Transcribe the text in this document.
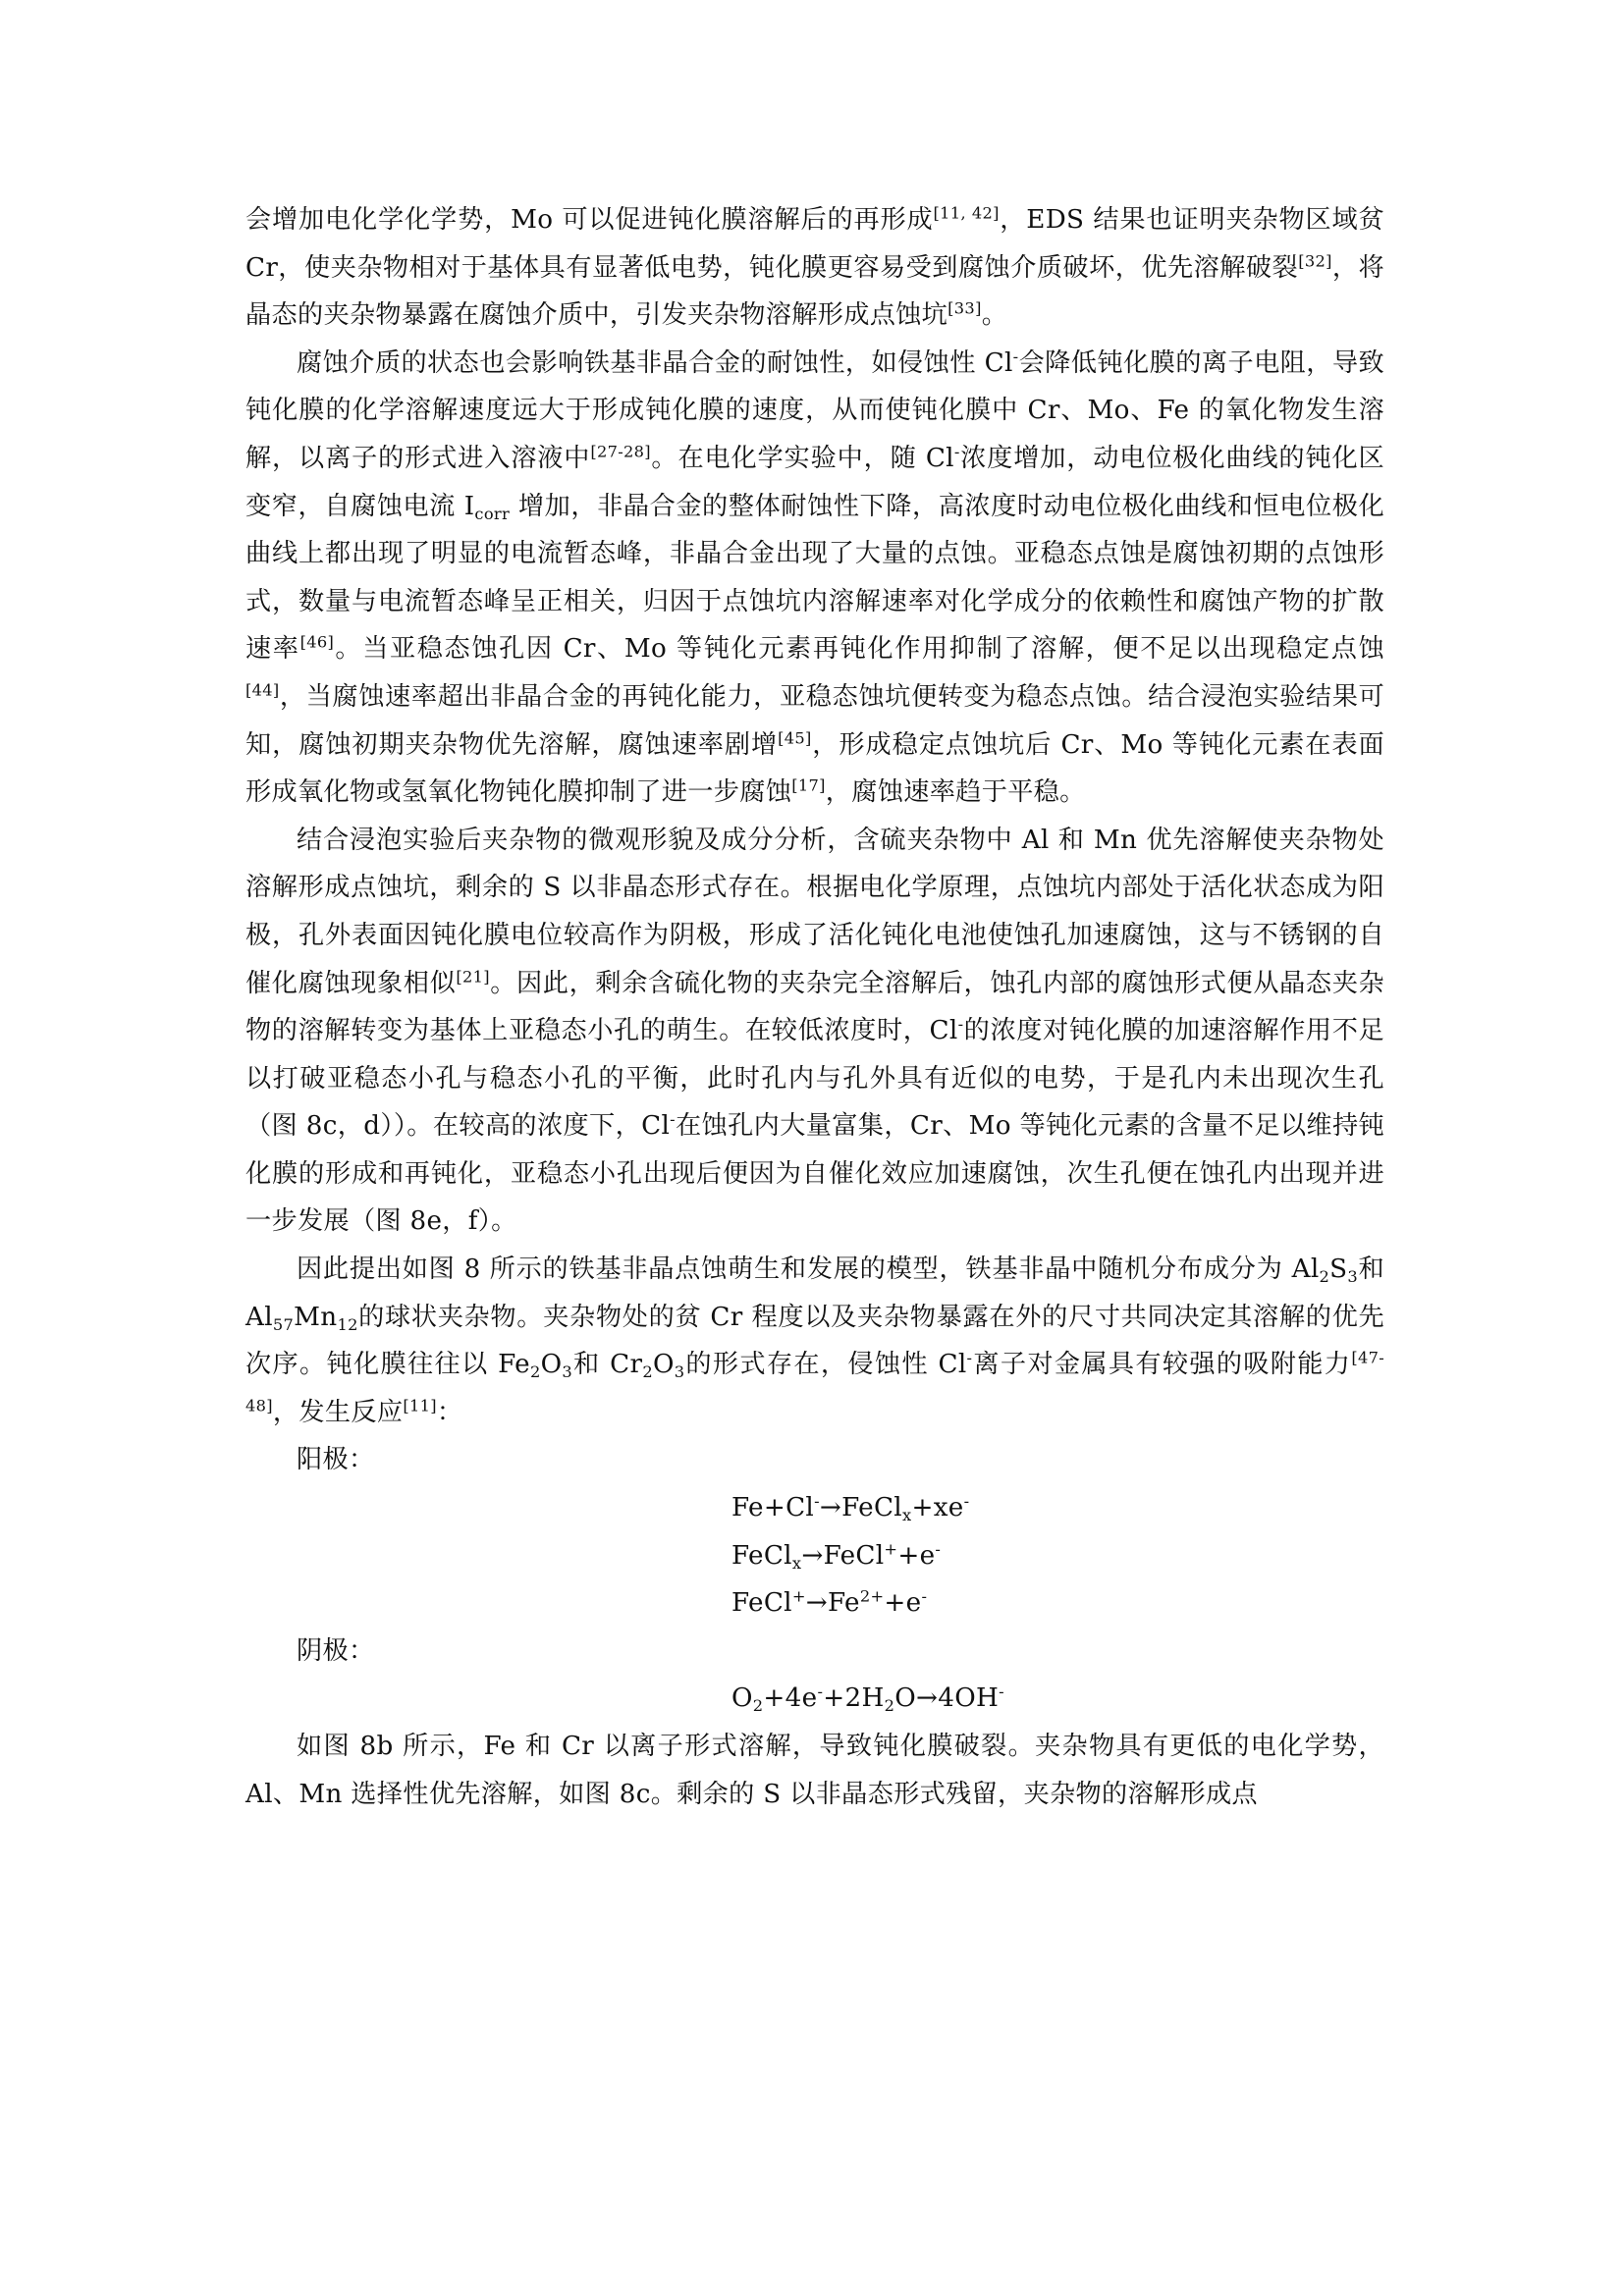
会增加电化学化学势，Mo 可以促进钝化膜溶解后的再形成[11, 42]，EDS 结果也证明夹杂物区域贫 Cr，使夹杂物相对于基体具有显著低电势，钝化膜更容易受到腐蚀介质破坏，优先溶解破裂[32]，将晶态的夹杂物暴露在腐蚀介质中，引发夹杂物溶解形成点蚀坑[33]。

腐蚀介质的状态也会影响铁基非晶合金的耐蚀性，如侵蚀性 Cl-会降低钝化膜的离子电阻，导致钝化膜的化学溶解速度远大于形成钝化膜的速度，从而使钝化膜中 Cr、Mo、Fe 的氧化物发生溶解，以离子的形式进入溶液中[27-28]。在电化学实验中，随 Cl-浓度增加，动电位极化曲线的钝化区变窄，自腐蚀电流 $I_{corr}$ 增加，非晶合金的整体耐蚀性下降，高浓度时动电位极化曲线和恒电位极化曲线上都出现了明显的电流暂态峰，非晶合金出现了大量的点蚀。亚稳态点蚀是腐蚀初期的点蚀形式，数量与电流暂态峰呈正相关，归因于点蚀坑内溶解速率对化学成分的依赖性和腐蚀产物的扩散速率[46]。当亚稳态蚀孔因 Cr、Mo 等钝化元素再钝化作用抑制了溶解，便不足以出现稳定点蚀[44]，当腐蚀速率超出非晶合金的再钝化能力，亚稳态蚀坑便转变为稳态点蚀。结合浸泡实验结果可知，腐蚀初期夹杂物优先溶解，腐蚀速率剧增[45]，形成稳定点蚀坑后 Cr、Mo 等钝化元素在表面形成氧化物或氢氧化物钝化膜抑制了进一步腐蚀[17]，腐蚀速率趋于平稳。

结合浸泡实验后夹杂物的微观形貌及成分分析，含硫夹杂物中 Al 和 Mn 优先溶解使夹杂物处溶解形成点蚀坑，剩余的 S 以非晶态形式存在。根据电化学原理，点蚀坑内部处于活化状态成为阳极，孔外表面因钝化膜电位较高作为阴极，形成了活化钝化电池使蚀孔加速腐蚀，这与不锈钢的自催化腐蚀现象相似[21]。因此，剩余含硫化物的夹杂完全溶解后，蚀孔内部的腐蚀形式便从晶态夹杂物的溶解转变为基体上亚稳态小孔的萌生。在较低浓度时，Cl-的浓度对钝化膜的加速溶解作用不足以打破亚稳态小孔与稳态小孔的平衡，此时孔内与孔外具有近似的电势，于是孔内未出现次生孔（图 8c，d））。在较高的浓度下，Cl-在蚀孔内大量富集，Cr、Mo 等钝化元素的含量不足以维持钝化膜的形成和再钝化，亚稳态小孔出现后便因为自催化效应加速腐蚀，次生孔便在蚀孔内出现并进一步发展（图 8e，f）。

因此提出如图 8 所示的铁基非晶点蚀萌生和发展的模型，铁基非晶中随机分布成分为 $Al_2S_3$和 $Al_{57}Mn_{12}$的球状夹杂物。夹杂物处的贫 Cr 程度以及夹杂物暴露在外的尺寸共同决定其溶解的优先次序。钝化膜往往以 $Fe_2O_3$和 $Cr_2O_3$的形式存在，侵蚀性 Cl-离子对金属具有较强的吸附能力[47-48]，发生反应[11]：

阳极：

Fe+Cl-→FeCl$_x$+xe-

FeCl$_x$→FeCl++e-

$FeCl^+\to Fe^{2+}+e^-$

阴极：

$O_2+4e^-+2H_2O\to 4OH^-$

如图 8b 所示，Fe 和 Cr 以离子形式溶解，导致钝化膜破裂。夹杂物具有更低的电化学势，Al、Mn 选择性优先溶解，如图 8c。剩余的 S 以非晶态形式残留，夹杂物的溶解形成点
